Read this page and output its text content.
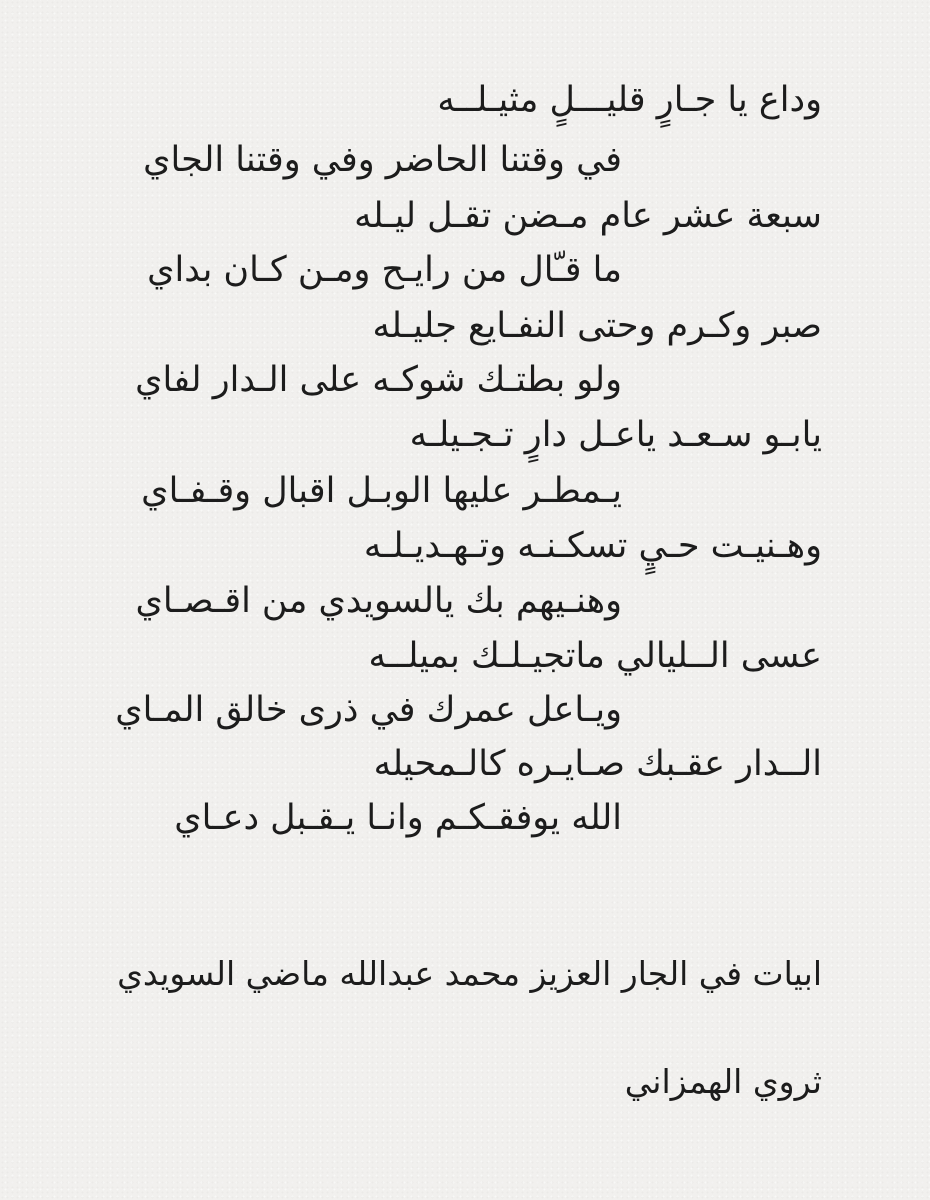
وداع يا جـارٍ قليـــلٍ مثيـلــه
في وقتنا الحاضر وفي وقتنا الجاي
سبعة عشر عام مـضن تقـل ليـله
ما قـّال من رايـح ومـن كـان بداي
صبر وكـرم وحتى النفـايع جليـله
ولو بطتـك شوكـه على الـدار لفاي
يابـو سـعـد ياعـل دارٍ تـجـيلـه
يـمطـر عليها الوبـل اقبال وقـفـاي
وهـنيـت حـيٍ تسكـنـه وتـهـديـلـه
وهنـيهم بك يالسويدي من اقـصـاي
عسى الــليالي ماتجيـلـك بميلــه
ويـاعل عمرك في ذرى خالق المـاي
الــدار عقـبك صـايـره كالـمحيله
الله يوفقـكـم وانـا يـقـبل دعـاي
ابيات في الجار العزيز محمد عبدالله ماضي السويدي
ثروي الهمزاني
